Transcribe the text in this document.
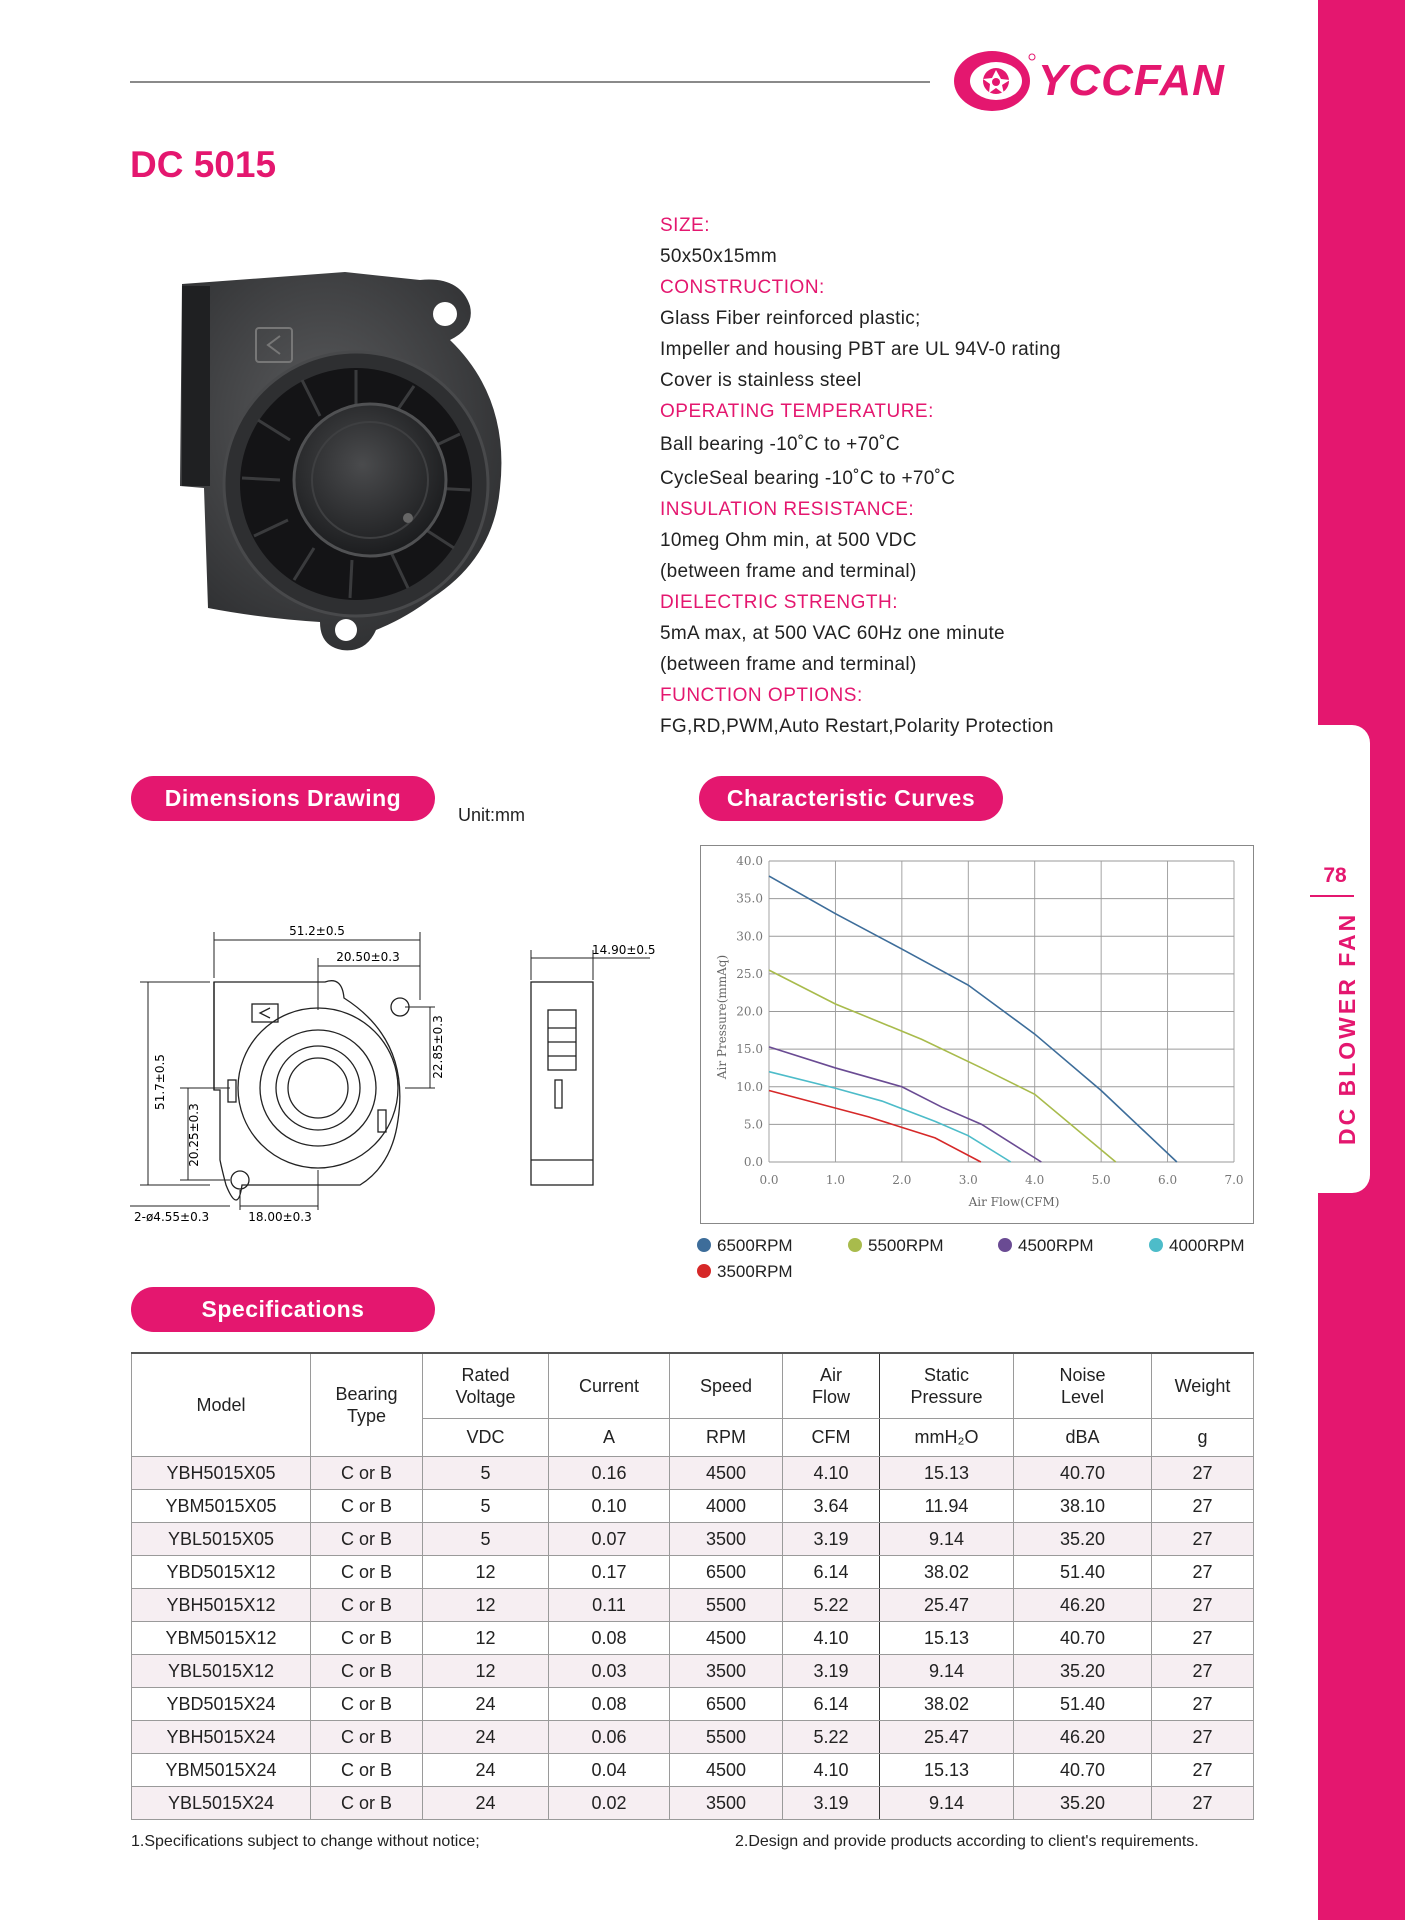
78
DC BLOWER FAN
YCCFAN
DC 5015
SIZE:
50x50x15mm
CONSTRUCTION:
Glass Fiber reinforced plastic;
Impeller and housing PBT are UL 94V-0 rating
Cover is stainless steel
OPERATING TEMPERATURE:
Ball bearing -10˚C to +70˚C
CycleSeal bearing -10˚C to +70˚C
INSULATION RESISTANCE:
10meg Ohm min, at 500 VDC
(between frame and terminal)
DIELECTRIC STRENGTH:
5mA max, at 500 VAC 60Hz one minute
(between frame and terminal)
FUNCTION OPTIONS:
FG,RD,PWM,Auto Restart,Polarity Protection
Dimensions Drawing	Characteristic Curves
Unit:mm
51.2±0.5
20.50±0.3
22.85±0.3
51.7±0.5
20.25±0.3
2-ø4.55±0.3	18.00±0.3
14.90±0.5
0.0	1.0	2.0	3.0	4.0	5.0	6.0	7.0
0.0
5.0
10.0
15.0
20.0
25.0
30.0
35.0
40.0
Air Flow(CFM)
Air Pressure(mmAq)
6500RPM	5500RPM	4500RPM	4000RPM
3500RPM
Specifications
Model	Bearing Type	Rated Voltage	Current	Speed	Air Flow	Static Pressure	Noise Level	Weight
		VDC	A	RPM	CFM	mmH₂O	dBA	g
YBH5015X05	C or B	5	0.16	4500	4.10	15.13	40.70	27
YBM5015X05	C or B	5	0.10	4000	3.64	11.94	38.10	27
YBL5015X05	C or B	5	0.07	3500	3.19	9.14	35.20	27
YBD5015X12	C or B	12	0.17	6500	6.14	38.02	51.40	27
YBH5015X12	C or B	12	0.11	5500	5.22	25.47	46.20	27
YBM5015X12	C or B	12	0.08	4500	4.10	15.13	40.70	27
YBL5015X12	C or B	12	0.03	3500	3.19	9.14	35.20	27
YBD5015X24	C or B	24	0.08	6500	6.14	38.02	51.40	27
YBH5015X24	C or B	24	0.06	5500	5.22	25.47	46.20	27
YBM5015X24	C or B	24	0.04	4500	4.10	15.13	40.70	27
YBL5015X24	C or B	24	0.02	3500	3.19	9.14	35.20	27
1.Specifications subject to change without notice;	2.Design and provide products according to client's requirements.
